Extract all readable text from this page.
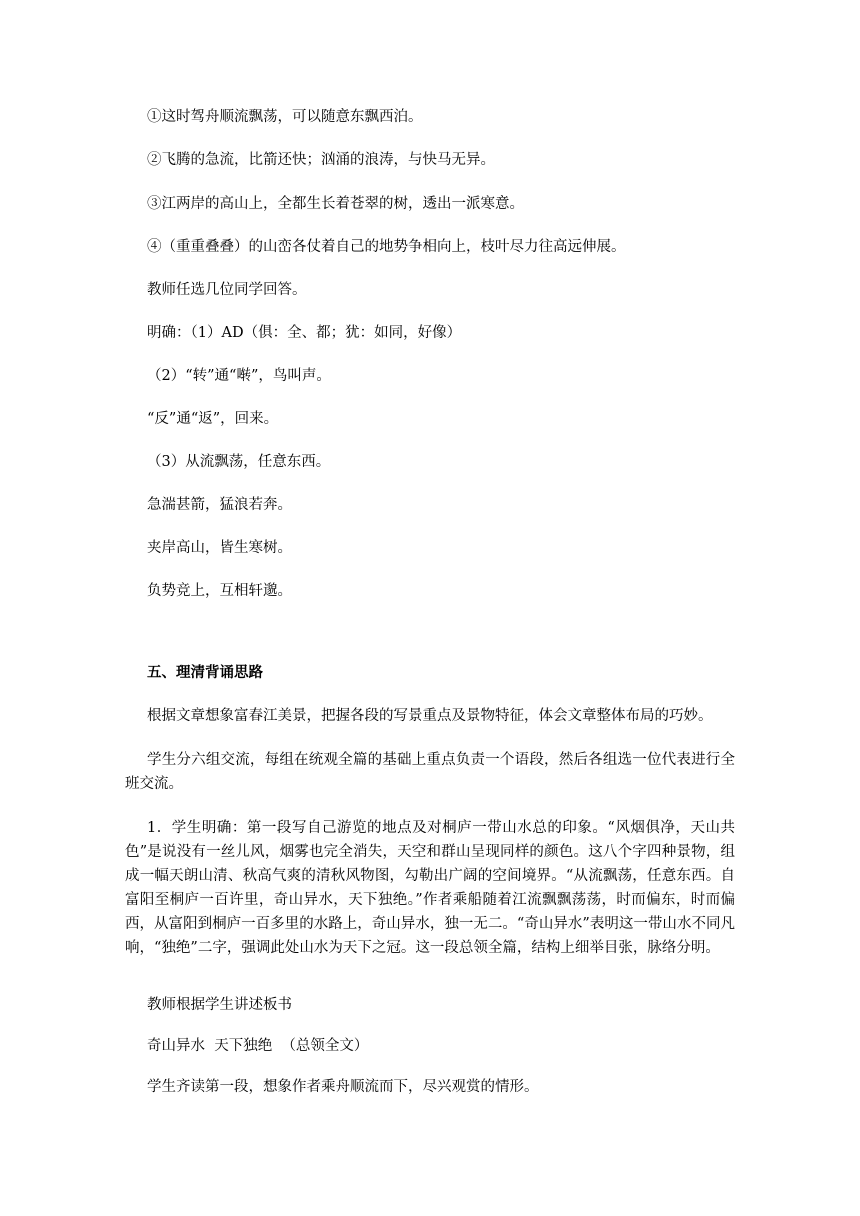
①这时驾舟顺流飘荡，可以随意东飘西泊。
②飞腾的急流，比箭还快；汹涌的浪涛，与快马无异。
③江两岸的高山上，全都生长着苍翠的树，透出一派寒意。
④（重重叠叠）的山峦各仗着自己的地势争相向上，枝叶尽力往高远伸展。
教师任选几位同学回答。
明确：（1）AD（俱：全、都；犹：如同，好像）
（2）“转”通“啭”，鸟叫声。
“反”通“返”，回来。
（3）从流飘荡，任意东西。
急湍甚箭，猛浪若奔。
夹岸高山，皆生寒树。
负势竞上，互相轩邈。
五、理清背诵思路
根据文章想象富春江美景，把握各段的写景重点及景物特征，体会文章整体布局的巧妙。
学生分六组交流，每组在统观全篇的基础上重点负责一个语段，然后各组选一位代表进行全班交流。
1．学生明确：第一段写自己游览的地点及对桐庐一带山水总的印象。“风烟俱净，天山共色”是说没有一丝儿风，烟雾也完全消失，天空和群山呈现同样的颜色。这八个字四种景物，组成一幅天朗山清、秋高气爽的清秋风物图，勾勒出广阔的空间境界。“从流飘荡，任意东西。自富阳至桐庐一百许里，奇山异水，天下独绝。”作者乘船随着江流飘飘荡荡，时而偏东，时而偏西，从富阳到桐庐一百多里的水路上，奇山异水，独一无二。“奇山异水”表明这一带山水不同凡响，“独绝”二字，强调此处山水为天下之冠。这一段总领全篇，结构上细举目张，脉络分明。
教师根据学生讲述板书
奇山异水  天下独绝  （总领全文）
学生齐读第一段，想象作者乘舟顺流而下，尽兴观赏的情形。
